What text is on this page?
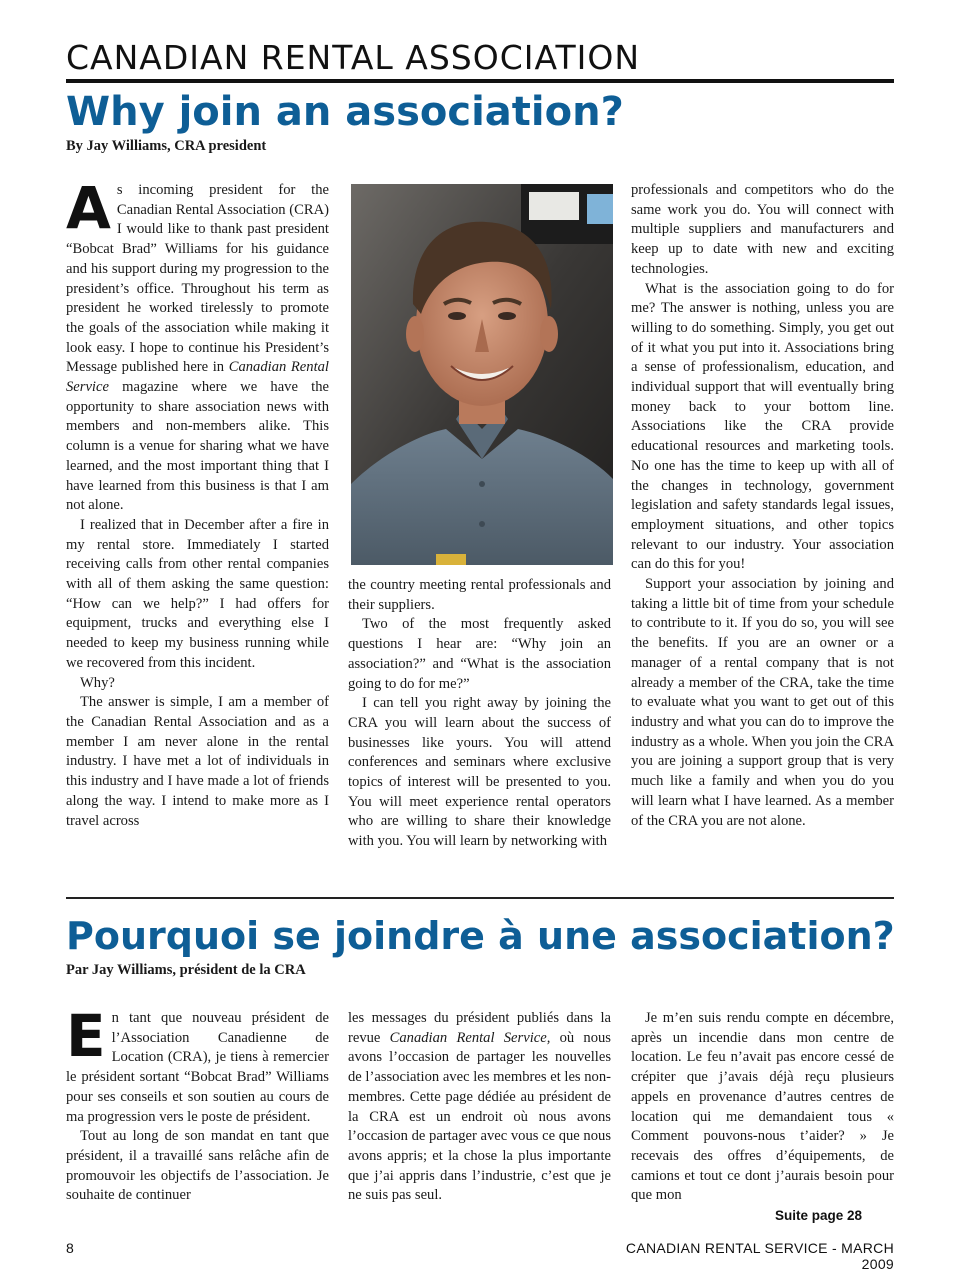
CANADIAN RENTAL ASSOCIATION
Why join an association?
By Jay Williams, CRA president

As incoming president for the Canadian Rental Association (CRA) I would like to thank past president “Bobcat Brad” Williams for his guidance and his support during my progression to the president’s office. Throughout his term as president he worked tirelessly to promote the goals of the association while making it look easy. I hope to continue his President’s Message published here in Canadian Rental Service magazine where we have the opportunity to share association news with members and non-members alike. This column is a venue for sharing what we have learned, and the most important thing that I have learned from this business is that I am not alone.

I realized that in December after a fire in my rental store. Immediately I started receiving calls from other rental companies with all of them asking the same question: “How can we help?” I had offers for equipment, trucks and everything else I needed to keep my business running while we recovered from this incident.

Why?

The answer is simple, I am a member of the Canadian Rental Association and as a member I am never alone in the rental industry. I have met a lot of individuals in this industry and I have made a lot of friends along the way. I intend to make more as I travel across

the country meeting rental professionals and their suppliers.

Two of the most frequently asked questions I hear are: “Why join an association?” and “What is the association going to do for me?”

I can tell you right away by joining the CRA you will learn about the success of businesses like yours. You will attend conferences and seminars where exclusive topics of interest will be presented to you. You will meet experience rental operators who are willing to share their knowledge with you. You will learn by networking with

professionals and competitors who do the same work you do. You will connect with multiple suppliers and manufacturers and keep up to date with new and exciting technologies.

What is the association going to do for me? The answer is nothing, unless you are willing to do something. Simply, you get out of it what you put into it. Associations bring a sense of professionalism, education, and individual support that will eventually bring money back to your bottom line. Associations like the CRA provide educational resources and marketing tools. No one has the time to keep up with all of the changes in technology, government legislation and safety standards legal issues, employment situations, and other topics relevant to our industry. Your association can do this for you!

Support your association by joining and taking a little bit of time from your schedule to contribute to it. If you do so, you will see the benefits. If you are an owner or a manager of a rental company that is not already a member of the CRA, take the time to evaluate what you want to get out of this industry and what you can do to improve the industry as a whole. When you join the CRA you are joining a support group that is very much like a family and when you do you will learn what I have learned. As a member of the CRA you are not alone.

Pourquoi se joindre à une association?
Par Jay Williams, président de la CRA

En tant que nouveau président de l’Association Canadienne de Location (CRA), je tiens à remercier le président sortant “Bobcat Brad” Williams pour ses conseils et son soutien au cours de ma progression vers le poste de président.

Tout au long de son mandat en tant que président, il a travaillé sans relâche afin de promouvoir les objectifs de l’association. Je souhaite de continuer

les messages du président publiés dans la revue Canadian Rental Service, où nous avons l’occasion de partager les nouvelles de l’association avec les membres et les non-membres. Cette page dédiée au président de la CRA est un endroit où nous avons l’occasion de partager avec vous ce que nous avons appris; et la chose la plus importante que j’ai appris dans l’industrie, c’est que je ne suis pas seul.

Je m’en suis rendu compte en décembre, après un incendie dans mon centre de location. Le feu n’avait pas encore cessé de crépiter que j’avais déjà reçu plusieurs appels en provenance d’autres centres de location qui me demandaient tous « Comment pouvons-nous t’aider? » Je recevais des offres d’équipements, de camions et tout ce dont j’aurais besoin pour que mon

Suite page 28
8	CANADIAN RENTAL SERVICE - MARCH 2009
